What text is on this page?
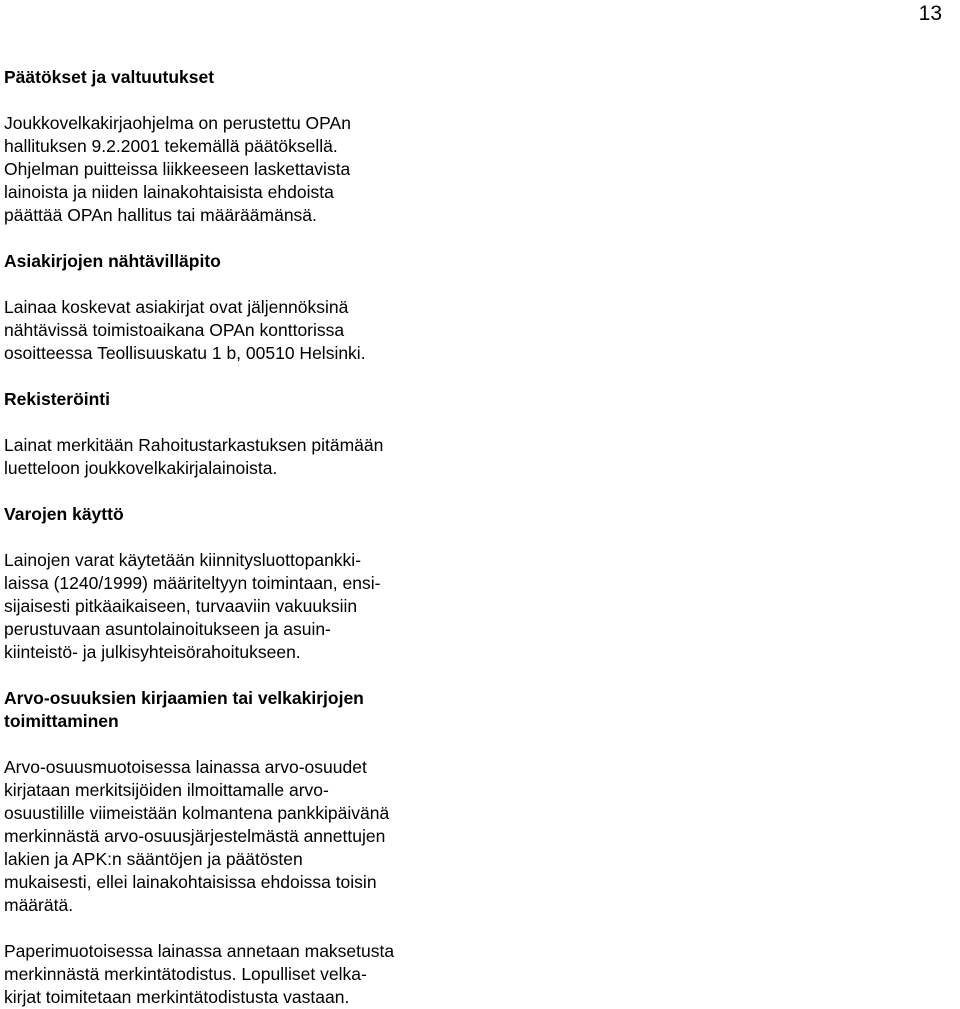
13
Päätökset ja valtuutukset
Joukkovelkakirjaohjelma on perustettu OPAn
hallituksen 9.2.2001 tekemällä päätöksellä.
Ohjelman puitteissa liikkeeseen laskettavista
lainoista ja niiden lainakohtaisista ehdoista
päättää OPAn hallitus tai määräämänsä.
Asiakirjojen nähtävilläpito
Lainaa koskevat asiakirjat ovat jäljennöksinä
nähtävissä toimistoaikana OPAn konttorissa
osoitteessa Teollisuuskatu 1 b, 00510 Helsinki.
Rekisteröinti
Lainat merkitään Rahoitustarkastuksen pitämään
luetteloon joukkovelkakirjalainoista.
Varojen käyttö
Lainojen varat käytetään kiinnitysluottopankki-
laissa (1240/1999) määriteltyyn toimintaan, ensi-
sijaisesti pitkäaikaiseen, turvaaviin vakuuksiin
perustuvaan asuntolainoitukseen ja asuin-
kiinteistö- ja julkisyhteisörahoitukseen.
Arvo-osuuksien kirjaamien tai velkakirjojen
toimittaminen
Arvo-osuusmuotoisessa lainassa arvo-osuudet
kirjataan merkitsijöiden ilmoittamalle arvo-
osuustilille viimeistään kolmantena pankkipäivänä
merkinnästä arvo-osuusjärjestelmästä annettujen
lakien ja APK:n sääntöjen ja päätösten
mukaisesti, ellei lainakohtaisissa ehdoissa toisin
määrätä.
Paperimuotoisessa lainassa annetaan maksetusta
merkinnästä merkintätodistus. Lopulliset velka-
kirjat toimitetaan merkintätodistusta vastaan.
